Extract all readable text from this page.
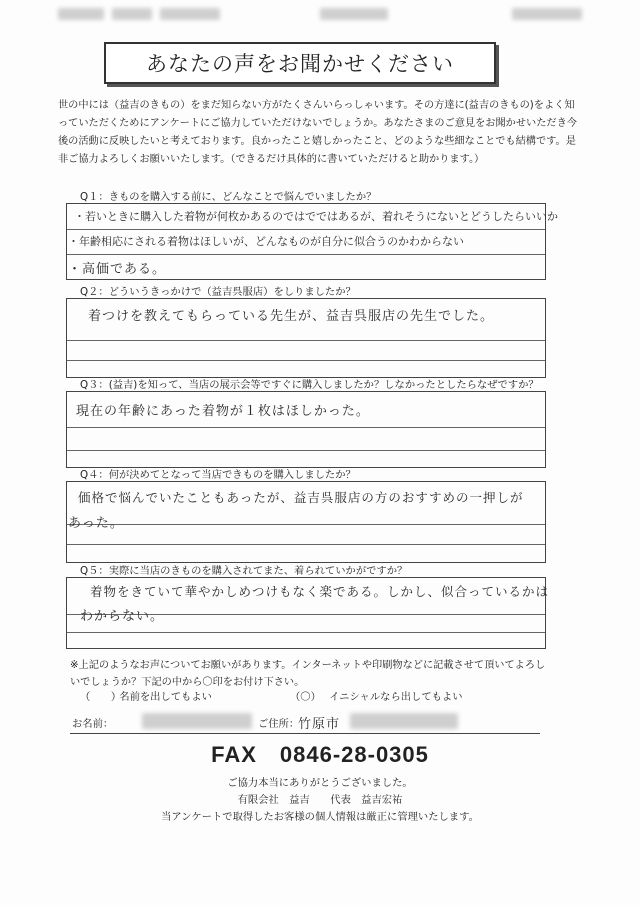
あなたの声をお聞かせください
世の中には（益吉のきもの）をまだ知らない方がたくさんいらっしゃいます。その方達に(益吉のきもの)をよく知っていただくためにアンケートにご協力していただけないでしょうか。あなたさまのご意見をお聞かせいただき今後の活動に反映したいと考えております。良かったこと嬉しかったこと、どのような些細なことでも結構です。是非ご協力よろしくお願いいたします。（できるだけ具体的に書いていただけると助かります。）
Q１：きものを購入する前に、どんなことで悩んでいましたか？
・若いときに購入した着物が何枚かあるのではでではあるが、着れそうにないとどうしたらいいか
・年齢相応にされる着物はほしいが、どんなものが自分に似合うのかわからない
・高価である。
Q２：どういうきっかけで（益吉呉服店）をしりましたか？
着つけを教えてもらっている先生が、益吉呉服店の先生でした。
Q３：(益吉)を知って、当店の展示会等ですぐに購入しましたか？しなかったとしたらなぜですか？
現在の年齢にあった着物が１枚はほしかった。
Q４：何が決めてとなって当店できものを購入しましたか？
価格で悩んでいたこともあったが、益吉呉服店の方のおすすめの一押しが
あった。
Q５：実際に当店のきものを購入されてまた、着られていかがですか？
着物をきていて華やかしめつけもなく楽である。しかし、似合っているかは
わからない。
※上記のようなお声についてお願いがあります。インターネットや印刷物などに記載させて頂いてよろしいでしょうか？下記の中から〇印をお付け下さい。
（　　） 名前を出してもよい	（〇） イニシャルなら出してもよい
お名前：	ご住所：
竹原市
FAX　0846-28-0305
ご協力本当にありがとうございました。
有限会社　益吉　　代表　益吉宏祐
当アンケートで取得したお客様の個人情報は厳正に管理いたします。
